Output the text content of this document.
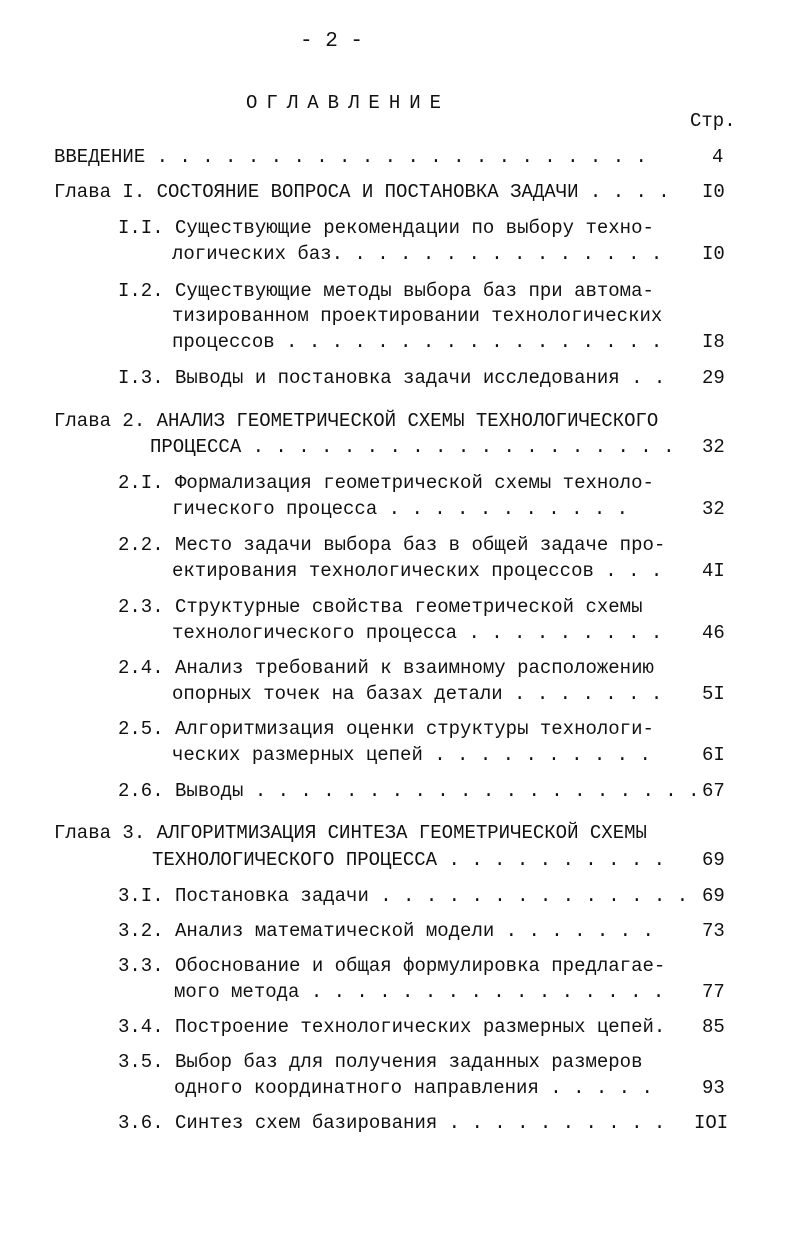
- 2 -
ОГЛАВЛЕНИЕ
Стр.
ВВЕДЕНИЕ . . . . . . . . . . . . . . . . . . . . . .
Глава I. СОСТОЯНИЕ ВОПРОСА И ПОСТАНОВКА ЗАДАЧИ . . . .
I.I. Существующие рекомендации по выбору техно-
логических баз. . . . . . . . . . . . . . .
I.2. Существующие методы выбора баз при автома-
тизированном проектировании технологических
процессов . . . . . . . . . . . . . . . . .
I.3. Выводы и постановка задачи исследования . .
Глава 2. АНАЛИЗ ГЕОМЕТРИЧЕСКОЙ СХЕМЫ ТЕХНОЛОГИЧЕСКОГО
ПРОЦЕССА . . . . . . . . . . . . . . . . . . .
2.I. Формализация геометрической схемы техноло-
гического процесса . . . . . . . . . . .
2.2. Место задачи выбора баз в общей задаче про-
ектирования технологических процессов . . .
2.3. Структурные свойства геометрической схемы
технологического процесса . . . . . . . . .
2.4. Анализ требований к взаимному расположению
опорных точек на базах детали . . . . . . .
2.5. Алгоритмизация оценки структуры технологи-
ческих размерных цепей . . . . . . . . . .
2.6. Выводы . . . . . . . . . . . . . . . . . . . .
Глава 3. АЛГОРИТМИЗАЦИЯ СИНТЕЗА ГЕОМЕТРИЧЕСКОЙ СХЕМЫ
ТЕХНОЛОГИЧЕСКОГО ПРОЦЕССА . . . . . . . . . .
3.I. Постановка задачи . . . . . . . . . . . . . .
3.2. Анализ математической модели . . . . . . .
3.3. Обоснование и общая формулировка предлагае-
мого метода . . . . . . . . . . . . . . . .
3.4. Построение технологических размерных цепей.
3.5. Выбор баз для получения заданных размеров
одного координатного направления . . . . .
3.6. Синтез схем базирования . . . . . . . . . .
4
I0
I0
I8
29
32
32
4I
46
5I
6I
67
69
69
73
77
85
93
IOI
